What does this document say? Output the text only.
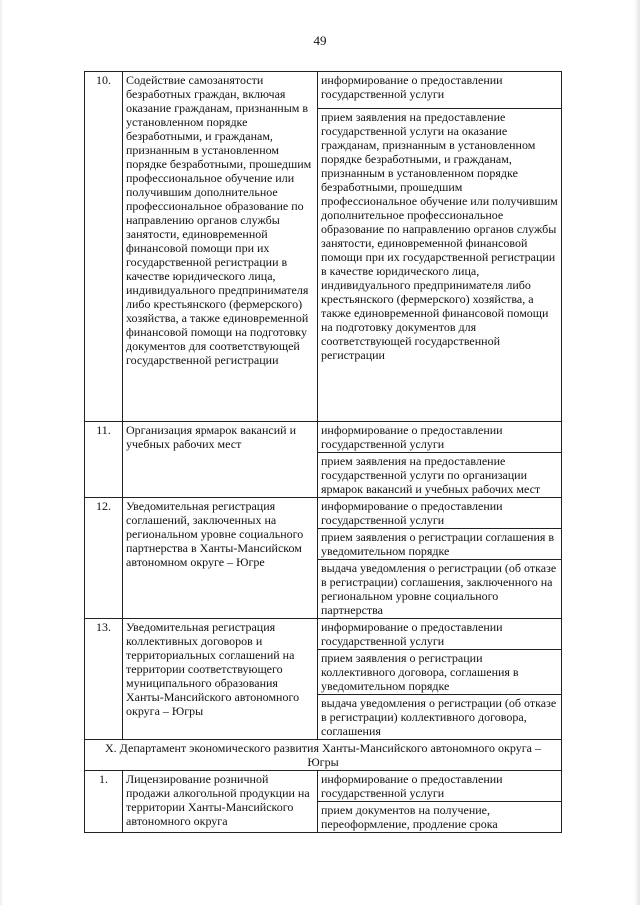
49
10.	Содействие самозанятости безработных граждан, включая оказание гражданам, признанным в установленном порядке безработными, и гражданам, признанным в установленном порядке безработными, прошедшим профессиональное обучение или получившим дополнительное профессиональное образование по направлению органов службы занятости, единовременной финансовой помощи при их государственной регистрации в качестве юридического лица, индивидуального предпринимателя либо крестьянского (фермерского) хозяйства, а также единовременной финансовой помощи на подготовку документов для соответствующей государственной регистрации	информирование о предоставлении государственной услуги
		прием заявления на предоставление государственной услуги на оказание гражданам, признанным в установленном порядке безработными, и гражданам, признанным в установленном порядке безработными, прошедшим профессиональное обучение или получившим дополнительное профессиональное образование по направлению органов службы занятости, единовременной финансовой помощи при их государственной регистрации в качестве юридического лица, индивидуального предпринимателя либо крестьянского (фермерского) хозяйства, а также единовременной финансовой помощи на подготовку документов для соответствующей государственной регистрации
11.	Организация ярмарок вакансий и учебных рабочих мест	информирование о предоставлении государственной услуги
		прием заявления на предоставление государственной услуги по организации ярмарок вакансий и учебных рабочих мест
12.	Уведомительная регистрация соглашений, заключенных на региональном уровне социального партнерства в Ханты-Мансийском автономном округе – Югре	информирование о предоставлении государственной услуги
		прием заявления о регистрации соглашения в уведомительном порядке
		выдача уведомления о регистрации (об отказе в регистрации) соглашения, заключенного на региональном уровне социального партнерства
13.	Уведомительная регистрация коллективных договоров и территориальных соглашений на территории соответствующего муниципального образования Ханты-Мансийского автономного округа – Югры	информирование о предоставлении государственной услуги
		прием заявления о регистрации коллективного договора, соглашения в уведомительном порядке
		выдача уведомления о регистрации (об отказе в регистрации) коллективного договора, соглашения
X. Департамент экономического развития Ханты-Мансийского автономного округа – Югры		
1.	Лицензирование розничной продажи алкогольной продукции на территории Ханты-Мансийского автономного округа	информирование о предоставлении государственной услуги
		прием документов на получение, переоформление, продление срока
